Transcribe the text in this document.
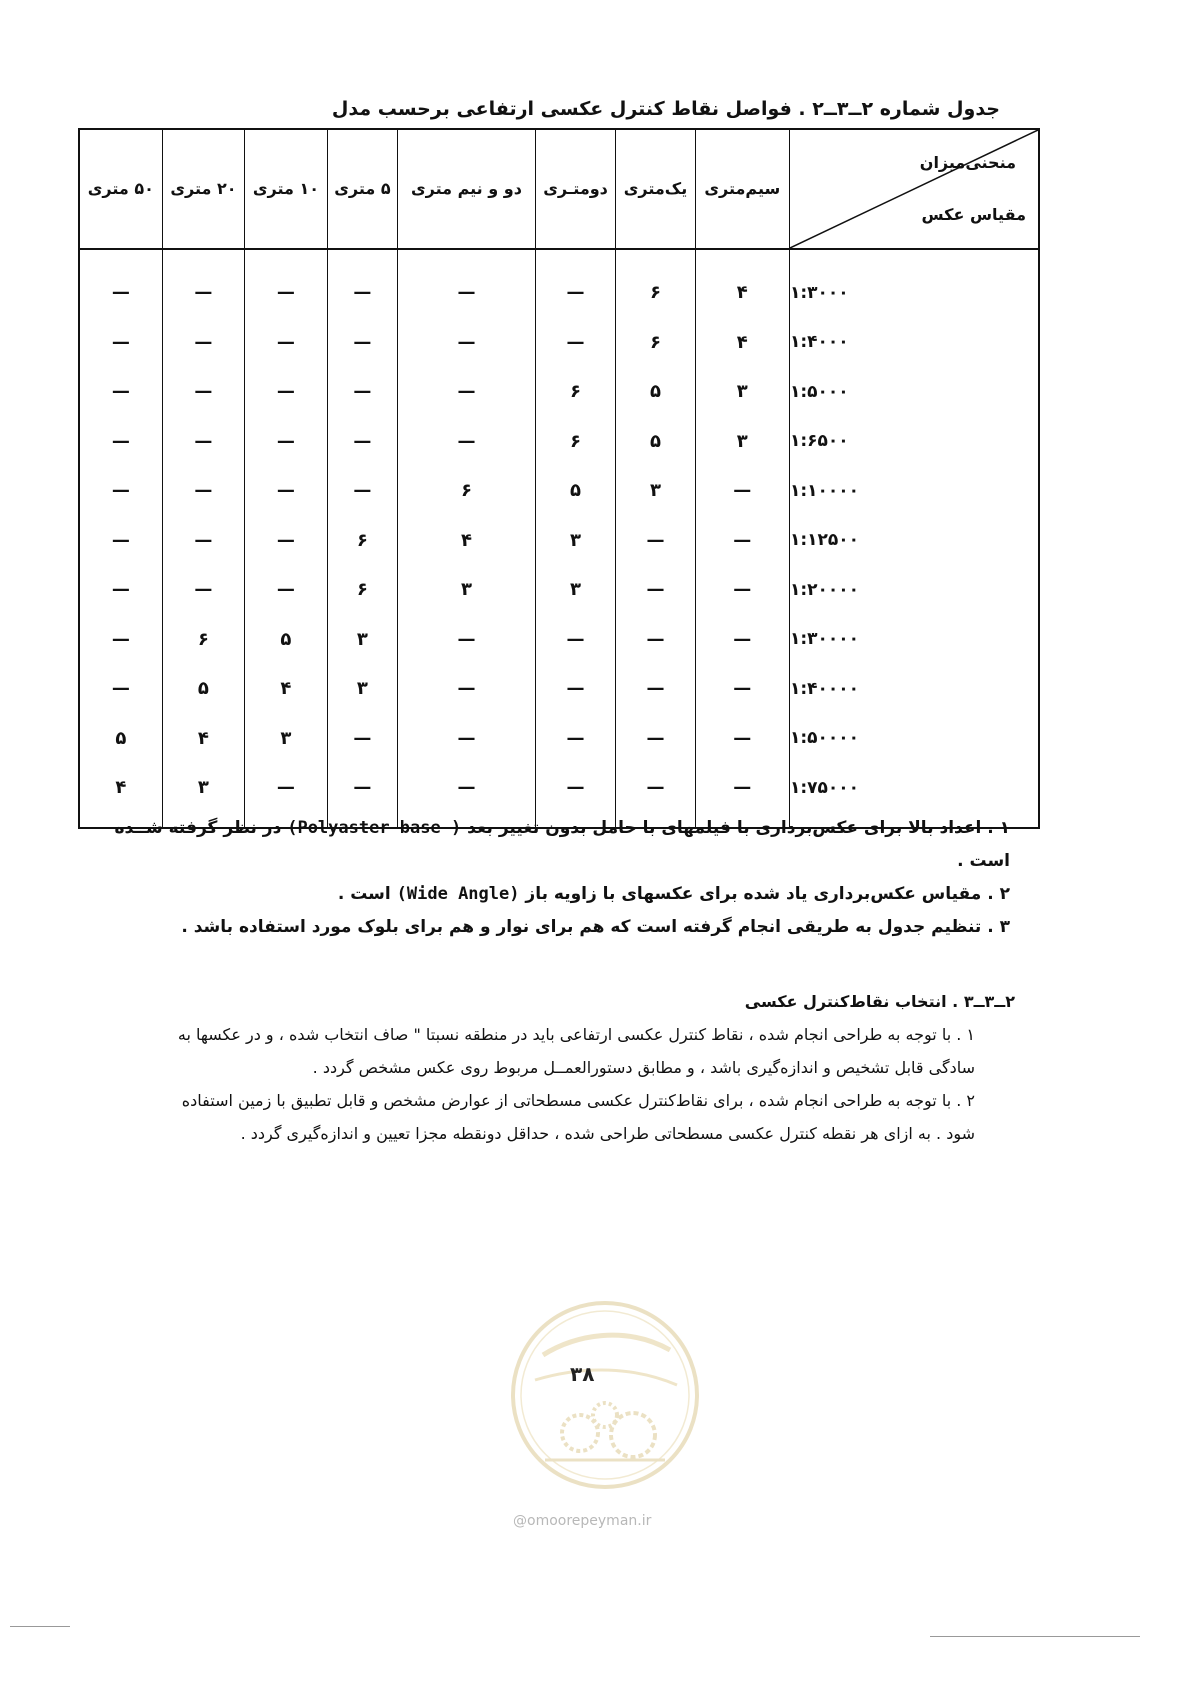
جدول شماره ۲ــ۳ــ۲ . فواصل نقاط کنترل عکسی ارتفاعی برحسب مدل
منحنی‌میزان
مقیاس عکس	سیم‌متری	یک‌متری	دومتـری	دو و نیم متری	۵ متری	۱۰ متری	۲۰ متری	۵۰ متری
۱:۳۰۰۰	۴	۶	—	—	—	—	—	—
۱:۴۰۰۰	۴	۶	—	—	—	—	—	—
۱:۵۰۰۰	۳	۵	۶	—	—	—	—	—
۱:۶۵۰۰	۳	۵	۶	—	—	—	—	—
۱:۱۰۰۰۰	—	۳	۵	۶	—	—	—	—
۱:۱۲۵۰۰	—	—	۳	۴	۶	—	—	—
۱:۲۰۰۰۰	—	—	۳	۳	۶	—	—	—
۱:۳۰۰۰۰	—	—	—	—	۳	۵	۶	—
۱:۴۰۰۰۰	—	—	—	—	۳	۴	۵	—
۱:۵۰۰۰۰	—	—	—	—	—	۳	۴	۵
۱:۷۵۰۰۰	—	—	—	—	—	—	۳	۴

۱ . اعداد بالا برای عکس‌برداری با فیلمهای با حامل بدون تغییر بعد (Polyaster base ) در نظر گرفته شــده است .

۲ . مقیاس عکس‌برداری یاد شده برای عکسهای با زاویه باز (Wide Angle) است .

۳ . تنظیم جدول به طریقی انجام گرفته است که هم برای نوار و هم برای بلوک مورد استفاده باشد .

۲ــ۳ــ۳ . انتخاب نقاط‌کنترل عکسی

۱ . با توجه به طراحی انجام شده ، نقاط کنترل عکسی ارتفاعی باید در منطقه نسبتا " صاف انتخاب شده ، و در عکسها به سادگی قابل تشخیص و اندازه‌گیری باشد ، و مطابق دستورالعمــل مربوط روی عکس مشخص گردد .

۲ . با توجه به طراحی انجام شده ، برای نقاط‌کنترل عکسی مسطحاتی از عوارض مشخص و قابل تطبیق با زمین استفاده شود . به ازای هر نقطه کنترل عکسی مسطحاتی طراحی شده ، حداقل دونقطه مجزا تعیین و اندازه‌گیری گردد .

۳۸
@omoorepeyman.ir
